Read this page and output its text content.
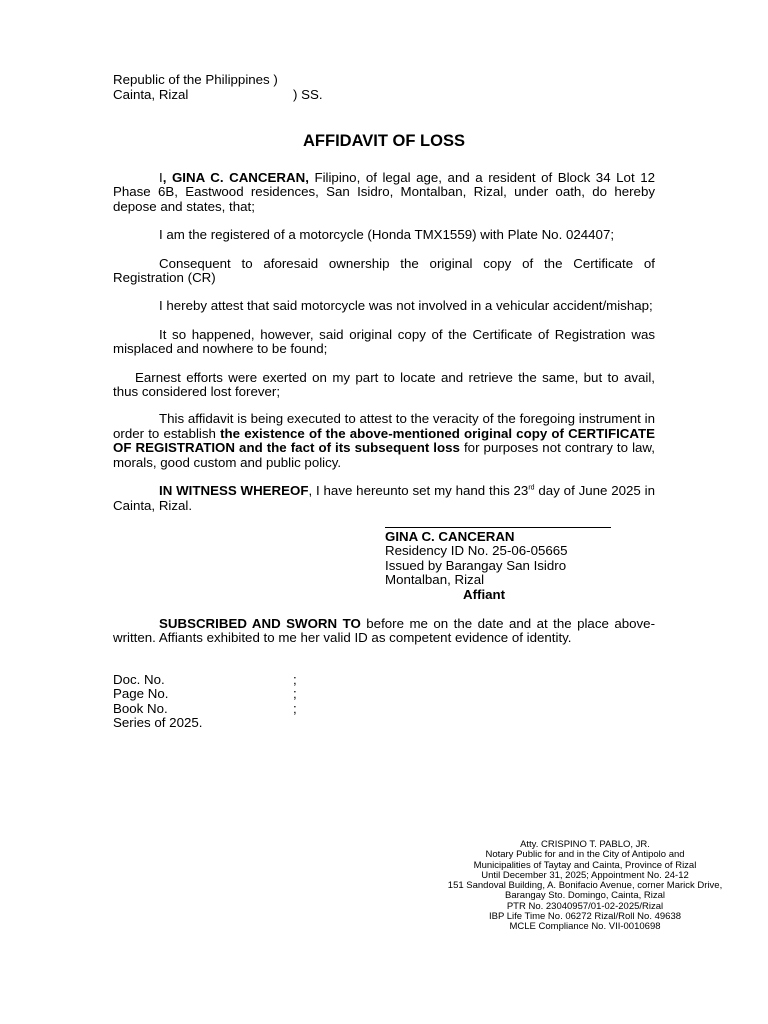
Republic of the Philippines )
Cainta, Rizal	) SS.
AFFIDAVIT OF LOSS

I, GINA C. CANCERAN, Filipino, of legal age, and a resident of Block 34 Lot 12 Phase 6B, Eastwood residences, San Isidro, Montalban, Rizal, under oath, do hereby depose and states, that;

I am the registered of a motorcycle (Honda TMX1559) with Plate No. 024407;

Consequent to aforesaid ownership the original copy of the Certificate of Registration (CR)

I hereby attest that said motorcycle was not involved in a vehicular accident/mishap;

It so happened, however, said original copy of the Certificate of Registration was misplaced and nowhere to be found;

Earnest efforts were exerted on my part to locate and retrieve the same, but to avail, thus considered lost forever;

This affidavit is being executed to attest to the veracity of the foregoing instrument in order to establish the existence of the above-mentioned original copy of CERTIFICATE OF REGISTRATION and the fact of its subsequent loss for purposes not contrary to law, morals, good custom and public policy.

IN WITNESS WHEREOF, I have hereunto set my hand this 23rd day of June 2025 in Cainta, Rizal.

GINA C. CANCERAN
Residency ID No. 25-06-05665
Issued by Barangay San Isidro
Montalban, Rizal
Affiant

SUBSCRIBED AND SWORN TO before me on the date and at the place above-written. Affiants exhibited to me her valid ID as competent evidence of identity.

Doc. No.	;
Page No.	;
Book No.	;
Series of 2025.
Atty. CRISPINO T. PABLO, JR.
Notary Public for and in the City of Antipolo and
Municipalities of Taytay and Cainta, Province of Rizal
Until December 31, 2025; Appointment No. 24-12
151 Sandoval Building, A. Bonifacio Avenue, corner Marick Drive,
Barangay Sto. Domingo, Cainta, Rizal
PTR No. 23040957/01-02-2025/Rizal
IBP Life Time No. 06272 Rizal/Roll No. 49638
MCLE Compliance No. VII-0010698
